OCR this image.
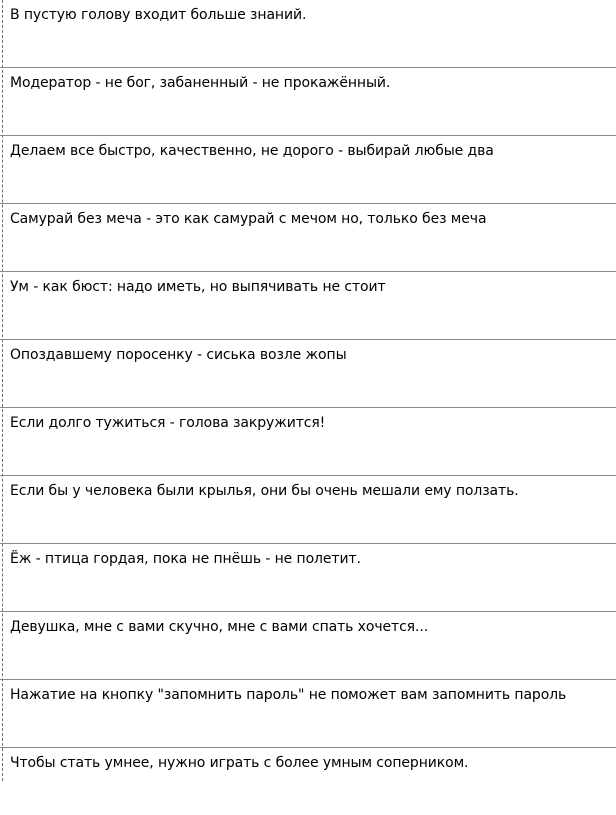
В пустую голову входит больше знаний.
Модератор - не бог, забаненный - не прокажённый.
Делаем все быстро, качественно, не дорого - выбирай любые два
Самурай без меча - это как самурай с мечом но, только без меча
Ум - как бюст: надо иметь, но выпячивать не стоит
Опоздавшему поросенку - сиська возле жопы
Если долго тужиться - голова закружится!
Если бы у человека были крылья, они бы очень мешали ему ползать.
Ёж - птица гордая, пока не пнёшь - не полетит.
Девушка, мне с вами скучно, мне с вами спать хочется...
Нажатие на кнопку "запомнить пароль" не поможет вам запомнить пароль
Чтобы стать умнее, нужно играть с более умным соперником.
